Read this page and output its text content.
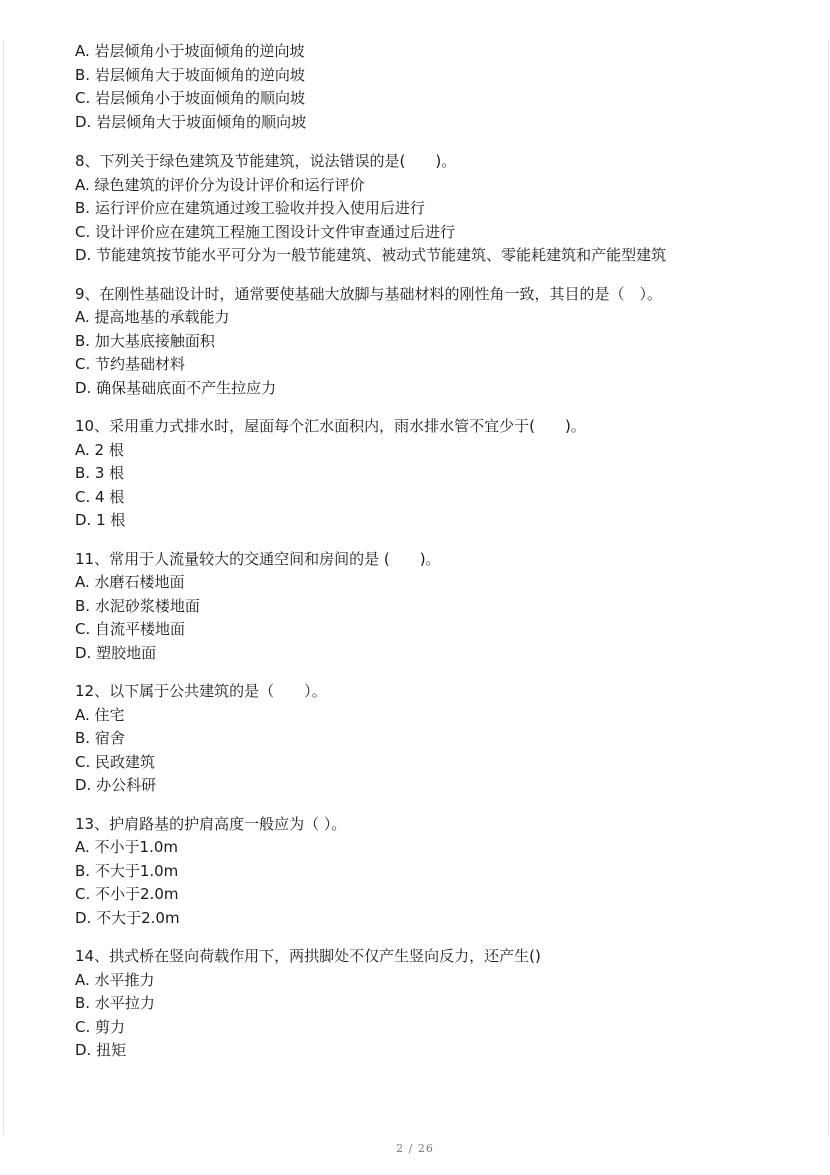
A. 岩层倾角小于坡面倾角的逆向坡
B. 岩层倾角大于坡面倾角的逆向坡
C. 岩层倾角小于坡面倾角的顺向坡
D. 岩层倾角大于坡面倾角的顺向坡
8、下列关于绿色建筑及节能建筑，说法错误的是(　　)。
A. 绿色建筑的评价分为设计评价和运行评价
B. 运行评价应在建筑通过竣工验收并投入使用后进行
C. 设计评价应在建筑工程施工图设计文件审查通过后进行
D. 节能建筑按节能水平可分为一般节能建筑、被动式节能建筑、零能耗建筑和产能型建筑
9、在刚性基础设计时，通常要使基础大放脚与基础材料的刚性角一致，其目的是（　）。
A. 提高地基的承载能力
B. 加大基底接触面积
C. 节约基础材料
D. 确保基础底面不产生拉应力
10、采用重力式排水时，屋面每个汇水面积内，雨水排水管不宜少于(　　)。
A. 2 根
B. 3 根
C. 4 根
D. 1 根
11、常用于人流量较大的交通空间和房间的是 (　　)。
A. 水磨石楼地面
B. 水泥砂浆楼地面
C. 自流平楼地面
D. 塑胶地面
12、以下属于公共建筑的是（　　）。
A. 住宅
B. 宿舍
C. 民政建筑
D. 办公科研
13、护肩路基的护肩高度一般应为（ ）。
A. 不小于1.0m
B. 不大于1.0m
C. 不小于2.0m
D. 不大于2.0m
14、拱式桥在竖向荷载作用下，两拱脚处不仅产生竖向反力，还产生()
A. 水平推力
B. 水平拉力
C. 剪力
D. 扭矩
2 / 26
